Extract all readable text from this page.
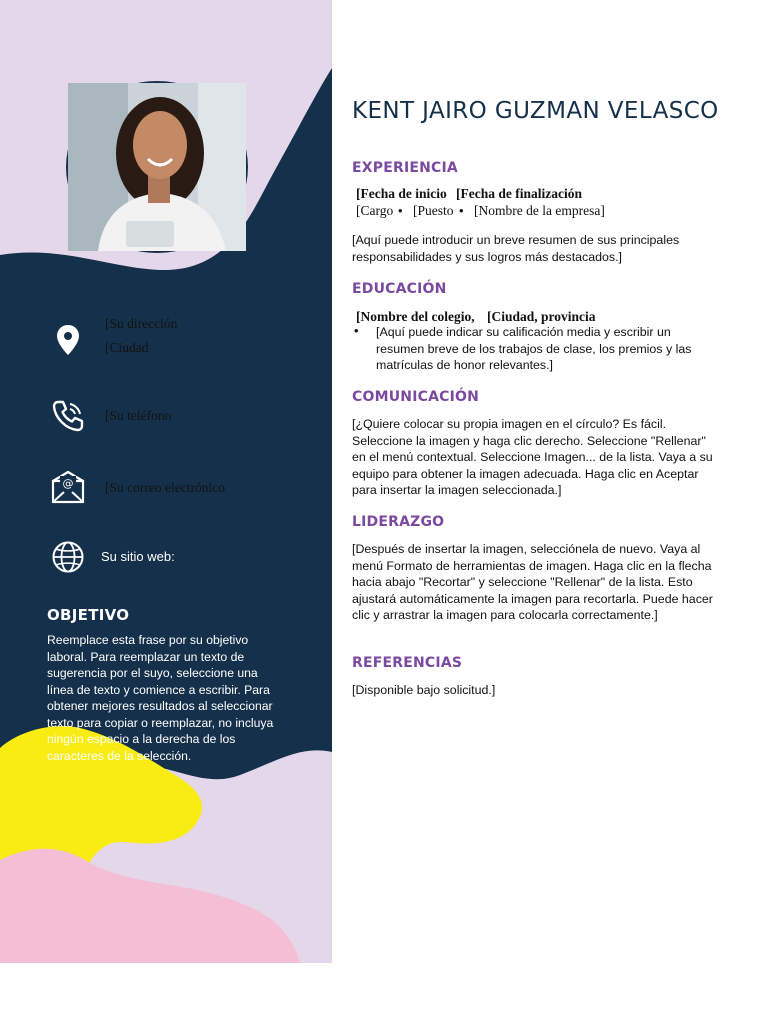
[Su dirección
[Ciudad
[Su teléfono
@ [Su correo electrónico
Su sitio web:
OBJETIVO
Reemplace esta frase por su objetivo laboral. Para reemplazar un texto de sugerencia por el suyo, seleccione una línea de texto y comience a escribir. Para obtener mejores resultados al seleccionar texto para copiar o reemplazar, no incluya ningún espacio a la derecha de los caracteres de la selección.
KENT JAIRO GUZMAN VELASCO
EXPERIENCIA
[Fecha de inicio [Fecha de finalización
[Cargo • [Puesto • [Nombre de la empresa]
[Aquí puede introducir un breve resumen de sus principales responsabilidades y sus logros más destacados.]
EDUCACIÓN
[Nombre del colegio, [Ciudad, provincia
• [Aquí puede indicar su calificación media y escribir un resumen breve de los trabajos de clase, los premios y las matrículas de honor relevantes.]
COMUNICACIÓN
[¿Quiere colocar su propia imagen en el círculo? Es fácil. Seleccione la imagen y haga clic derecho. Seleccione "Rellenar" en el menú contextual. Seleccione Imagen... de la lista. Vaya a su equipo para obtener la imagen adecuada. Haga clic en Aceptar para insertar la imagen seleccionada.]
LIDERAZGO
[Después de insertar la imagen, selecciónela de nuevo. Vaya al menú Formato de herramientas de imagen. Haga clic en la flecha hacia abajo "Recortar" y seleccione "Rellenar" de la lista. Esto ajustará automáticamente la imagen para recortarla. Puede hacer clic y arrastrar la imagen para colocarla correctamente.]
REFERENCIAS
[Disponible bajo solicitud.]
